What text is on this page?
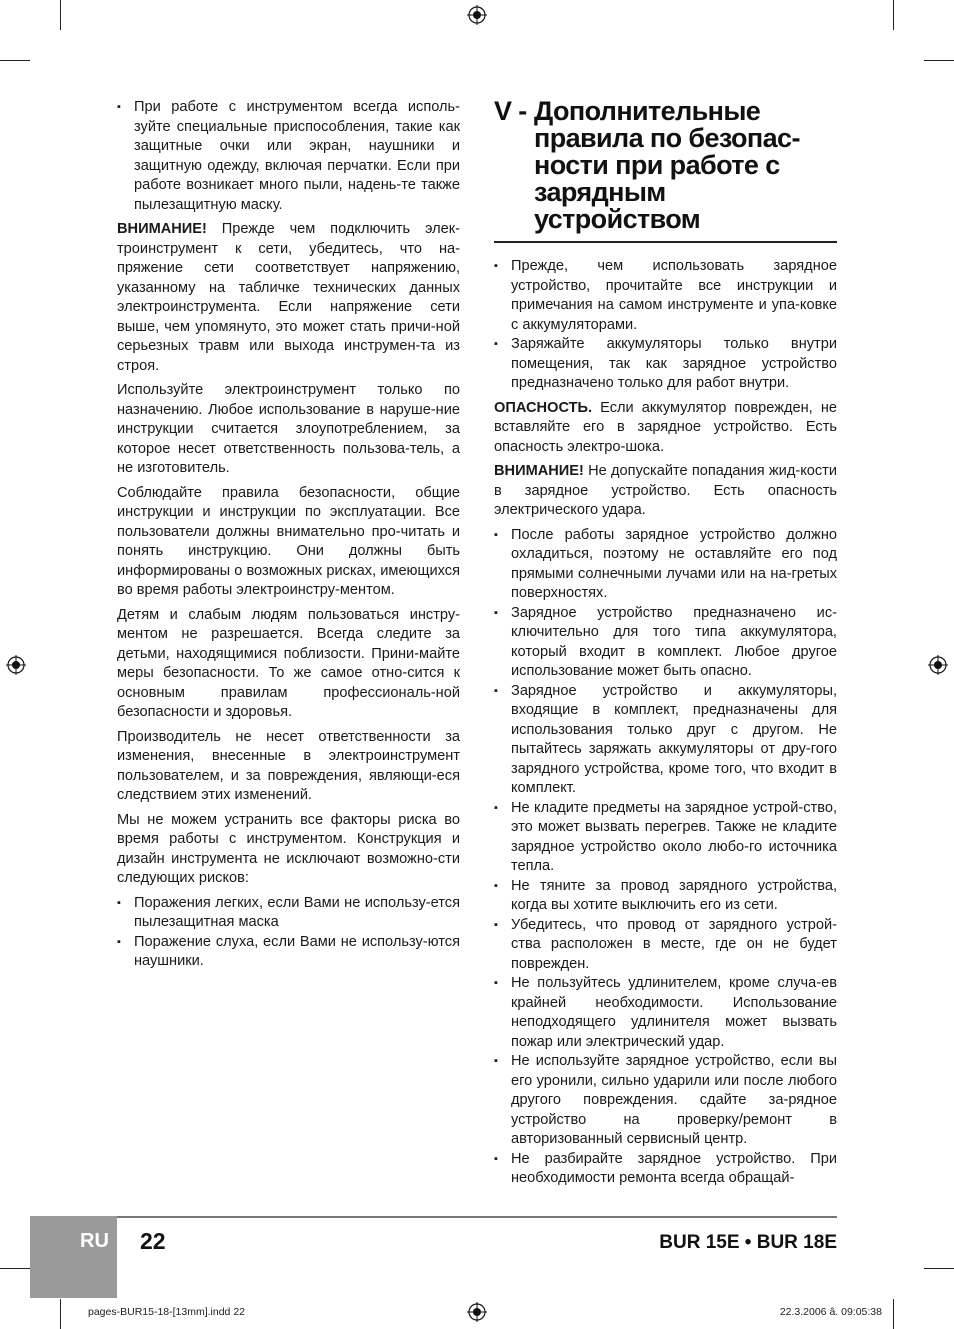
▪ При работе с инструментом всегда исполь-зуйте специальные приспособления, такие как защитные очки или экран, наушники и защитную одежду, включая перчатки. Если при работе возникает много пыли, надень-те также пылезащитную маску.

ВНИМАНИЕ! Прежде чем подключить элек-троинструмент к сети, убедитесь, что на-пряжение сети соответствует напряжению, указанному на табличке технических данных электроинструмента. Если напряжение сети выше, чем упомянуто, это может стать причи-ной серьезных травм или выхода инструмен-та из строя.

Используйте электроинструмент только по назначению. Любое использование в наруше-ние инструкции считается злоупотреблением, за которое несет ответственность пользова-тель, а не изготовитель.

Соблюдайте правила безопасности, общие инструкции и инструкции по эксплуатации. Все пользователи должны внимательно про-читать и понять инструкцию. Они должны быть информированы о возможных рисках, имеющихся во время работы электроинстру-ментом.

Детям и слабым людям пользоваться инстру-ментом не разрешается. Всегда следите за детьми, находящимися поблизости. Прини-майте меры безопасности. То же самое отно-сится к основным правилам профессиональ-ной безопасности и здоровья.

Производитель не несет ответственности за изменения, внесенные в электроинструмент пользователем, и за повреждения, являющи-еся следствием этих изменений.

Мы не можем устранить все факторы риска во время работы с инструментом. Конструкция и дизайн инструмента не исключают возможно-сти следующих рисков:

▪ Поражения легких, если Вами не использу-ется пылезащитная маска
▪ Поражение слуха, если Вами не использу-ются наушники.
V - Дополнительные
правила по безопас-
ности при работе с
зарядным
устройством
▪ Прежде, чем использовать зарядное устройство, прочитайте все инструкции и примечания на самом инструменте и упа-ковке с аккумуляторами.
▪ Заряжайте аккумуляторы только внутри помещения, так как зарядное устройство предназначено только для работ внутри.

ОПАСНОСТЬ. Если аккумулятор поврежден, не вставляйте его в зарядное устройство. Есть опасность электро-шока.

ВНИМАНИЕ! Не допускайте попадания жид-кости в зарядное устройство. Есть опасность электрического удара.

▪ После работы зарядное устройство должно охладиться, поэтому не оставляйте его под прямыми солнечными лучами или на на-гретых поверхностях.
▪ Зарядное устройство предназначено ис-ключительно для того типа аккумулятора, который входит в комплект. Любое другое использование может быть опасно.
▪ Зарядное устройство и аккумуляторы, входящие в комплект, предназначены для использования только друг с другом. Не пытайтесь заряжать аккумуляторы от дру-гого зарядного устройства, кроме того, что входит в комплект.
▪ Не кладите предметы на зарядное устрой-ство, это может вызвать перегрев. Также не кладите зарядное устройство около любо-го источника тепла.
▪ Не тяните за провод зарядного устройства, когда вы хотите выключить его из сети.
▪ Убедитесь, что провод от зарядного устрой-ства расположен в месте, где он не будет поврежден.
▪ Не пользуйтесь удлинителем, кроме случа-ев крайней необходимости. Использование неподходящего удлинителя может вызвать пожар или электрический удар.
▪ Не используйте зарядное устройство, если вы его уронили, сильно ударили или после любого другого повреждения. сдайте за-рядное устройство на проверку/ремонт в авторизованный сервисный центр.
▪ Не разбирайте зарядное устройство. При необходимости ремонта всегда обращай-
RU 22	BUR 15E • BUR 18E
pages-BUR15-18-[13mm].indd 22	22.3.2006 â. 09:05:38
